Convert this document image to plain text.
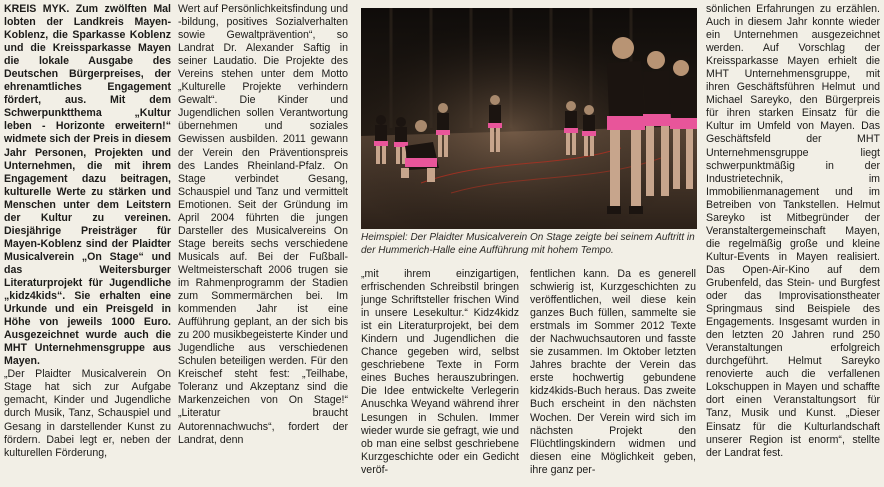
KREIS MYK. Zum zwölften Mal lobten der Landkreis Mayen-Koblenz, die Sparkasse Koblenz und die Kreissparkasse Mayen die lokale Ausgabe des Deutschen Bürgerpreises, der ehrenamtliches Engagement fördert, aus. Mit dem Schwerpunktthema „Kultur leben - Horizonte erweitern!“ widmete sich der Preis in diesem Jahr Personen, Projekten und Unternehmen, die mit ihrem Engagement dazu beitragen, kulturelle Werte zu stärken und Menschen unter dem Leitstern der Kultur zu vereinen. Diesjährige Preisträger für Mayen-Koblenz sind der Plaidter Musicalverein „On Stage“ und das Weitersburger Literaturprojekt für Jugendliche „kidz4kids“. Sie erhalten eine Urkunde und ein Preisgeld in Höhe von jeweils 1000 Euro. Ausgezeichnet wurde auch die MHT Unternehmensgruppe aus Mayen.

„Der Plaidter Musicalverein On Stage hat sich zur Aufgabe gemacht, Kinder und Jugendliche durch Musik, Tanz, Schauspiel und Gesang in darstellender Kunst zu fördern. Dabei legt er, neben der kulturellen Förderung,

Wert auf Persönlichkeitsfindung und -bildung, positives Sozialverhalten sowie Gewaltprävention“, so Landrat Dr. Alexander Saftig in seiner Laudatio. Die Projekte des Vereins stehen unter dem Motto „Kulturelle Projekte verhindern Gewalt“. Die Kinder und Jugendlichen sollen Verantwortung übernehmen und soziales Gewissen ausbilden. 2011 gewann der Verein den Präventionspreis des Landes Rheinland-Pfalz. On Stage verbindet Gesang, Schauspiel und Tanz und vermittelt Emotionen. Seit der Gründung im April 2004 führten die jungen Darsteller des Musicalvereins On Stage bereits sechs verschiedene Musicals auf. Bei der Fußball-Weltmeisterschaft 2006 trugen sie im Rahmenprogramm der Stadien zum Sommermärchen bei. Im kommenden Jahr ist eine Aufführung geplant, an der sich bis zu 200 musikbegeisterte Kinder und Jugendliche aus verschiedenen Schulen beteiligen werden. Für den Kreischef steht fest: „Teilhabe, Toleranz und Akzeptanz sind die Markenzeichen von On Stage!“ „Literatur braucht Autorennachwuchs“, fordert der Landrat, denn

Heimspiel: Der Plaidter Musicalverein On Stage zeigte bei seinem Auftritt in der Hummerich-Halle eine Aufführung mit hohem Tempo.

„mit ihrem einzigartigen, erfrischenden Schreibstil bringen junge Schriftsteller frischen Wind in unsere Lesekultur.“ Kidz4kidz ist ein Literaturprojekt, bei dem Kindern und Jugendlichen die Chance gegeben wird, selbst geschriebene Texte in Form eines Buches herauszubringen. Die Idee entwickelte Verlegerin Anuschka Weyand während ihrer Lesungen in Schulen. Immer wieder wurde sie gefragt, wie und ob man eine selbst geschriebene Kurzgeschichte oder ein Gedicht veröf-

fentlichen kann. Da es generell schwierig ist, Kurzgeschichten zu veröffentlichen, weil diese kein ganzes Buch füllen, sammelte sie erstmals im Sommer 2012 Texte der Nachwuchsautoren und fasste sie zusammen. Im Oktober letzten Jahres brachte der Verein das erste hochwertig gebundene kidz4kids-Buch heraus. Das zweite Buch erscheint in den nächsten Wochen. Der Verein wird sich im nächsten Projekt den Flüchtlingskindern widmen und diesen eine Möglichkeit geben, ihre ganz per-

sönlichen Erfahrungen zu erzählen. Auch in diesem Jahr konnte wieder ein Unternehmen ausgezeichnet werden. Auf Vorschlag der Kreissparkasse Mayen erhielt die MHT Unternehmensgruppe, mit ihren Geschäftsführen Helmut und Michael Sareyko, den Bürgerpreis für ihren starken Einsatz für die Kultur im Umfeld von Mayen. Das Geschäftsfeld der MHT Unternehmensgruppe liegt schwerpunktmäßig in der Industrietechnik, im Immobilienmanagement und im Betreiben von Tankstellen. Helmut Sareyko ist Mitbegründer der Veranstaltergemeinschaft Mayen, die regelmäßig große und kleine Kultur-Events in Mayen realisiert. Das Open-Air-Kino auf dem Grubenfeld, das Stein- und Burgfest oder das Improvisationstheater Springmaus sind Beispiele des Engagements. Insgesamt wurden in den letzten 20 Jahren rund 250 Veranstaltungen erfolgreich durchgeführt. Helmut Sareyko renovierte auch die verfallenen Lokschuppen in Mayen und schaffte dort einen Veranstaltungsort für Tanz, Musik und Kunst. „Dieser Einsatz für die Kulturlandschaft unserer Region ist enorm“, stellte der Landrat fest.
